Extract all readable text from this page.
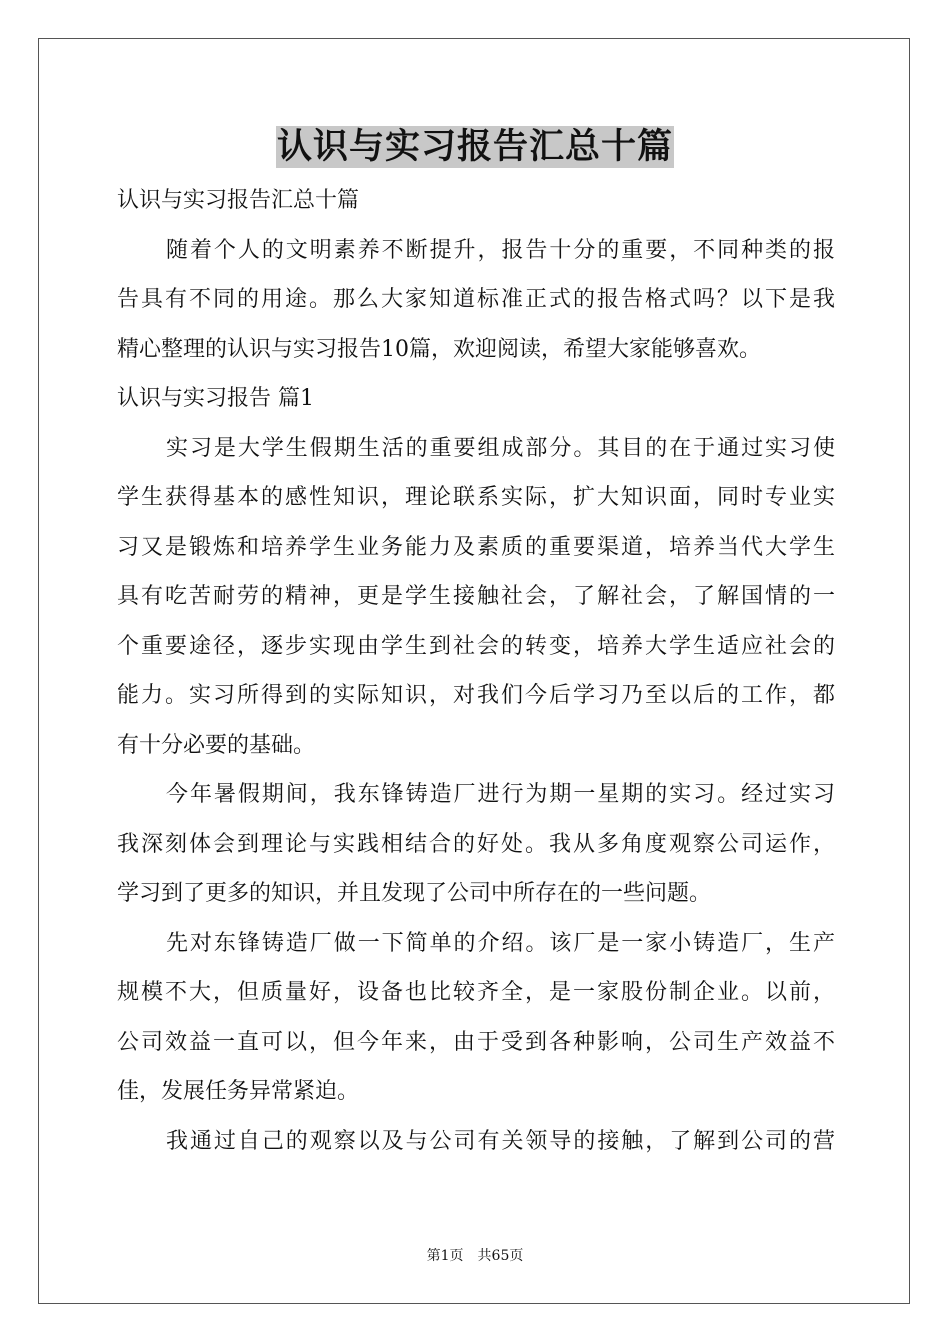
认识与实习报告汇总十篇
认识与实习报告汇总十篇
随着个人的文明素养不断提升，报告十分的重要，不同种类的报
告具有不同的用途。那么大家知道标准正式的报告格式吗？以下是我
精心整理的认识与实习报告10篇，欢迎阅读，希望大家能够喜欢。
认识与实习报告 篇1
实习是大学生假期生活的重要组成部分。其目的在于通过实习使
学生获得基本的感性知识，理论联系实际，扩大知识面，同时专业实
习又是锻炼和培养学生业务能力及素质的重要渠道，培养当代大学生
具有吃苦耐劳的精神，更是学生接触社会，了解社会，了解国情的一
个重要途径，逐步实现由学生到社会的转变，培养大学生适应社会的
能力。实习所得到的实际知识，对我们今后学习乃至以后的工作，都
有十分必要的基础。
今年暑假期间，我东锋铸造厂进行为期一星期的实习。经过实习
我深刻体会到理论与实践相结合的好处。我从多角度观察公司运作，
学习到了更多的知识，并且发现了公司中所存在的一些问题。
先对东锋铸造厂做一下简单的介绍。该厂是一家小铸造厂，生产
规模不大，但质量好，设备也比较齐全，是一家股份制企业。以前，
公司效益一直可以，但今年来，由于受到各种影响，公司生产效益不
佳，发展任务异常紧迫。
我通过自己的观察以及与公司有关领导的接触，了解到公司的营
第1页　共65页
